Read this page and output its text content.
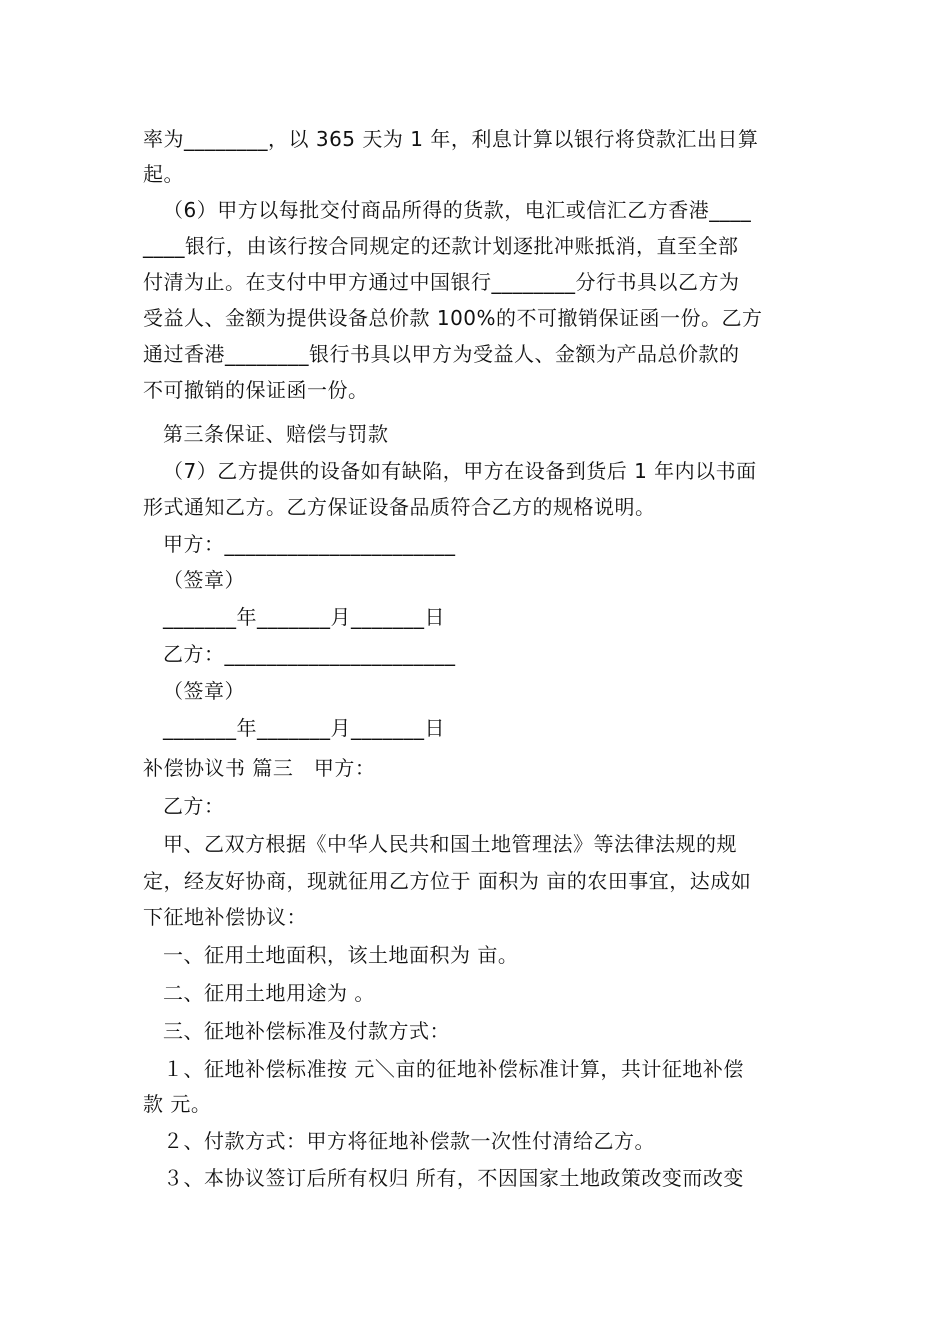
率为________，以 365 天为 1 年，利息计算以银行将贷款汇出日算
起。
（6）甲方以每批交付商品所得的货款，电汇或信汇乙方香港____
____银行，由该行按合同规定的还款计划逐批冲账抵消，直至全部
付清为止。在支付中甲方通过中国银行________分行书具以乙方为
受益人、金额为提供设备总价款 100%的不可撤销保证函一份。乙方
通过香港________银行书具以甲方为受益人、金额为产品总价款的
不可撤销的保证函一份。
第三条保证、赔偿与罚款
（7）乙方提供的设备如有缺陷，甲方在设备到货后 1 年内以书面
形式通知乙方。乙方保证设备品质符合乙方的规格说明。
甲方：______________________
（签章）
_______年_______月_______日
乙方：______________________
（签章）
_______年_______月_______日
补偿协议书 篇三　甲方：
乙方：
甲、乙双方根据《中华人民共和国土地管理法》等法律法规的规
定，经友好协商，现就征用乙方位于 面积为 亩的农田事宜，达成如
下征地补偿协议：
一、征用土地面积，该土地面积为 亩。
二、征用土地用途为 。
三、征地补偿标准及付款方式：
１、征地补偿标准按 元＼亩的征地补偿标准计算，共计征地补偿
款 元。
２、付款方式：甲方将征地补偿款一次性付清给乙方。
３、本协议签订后所有权归 所有，不因国家土地政策改变而改变
